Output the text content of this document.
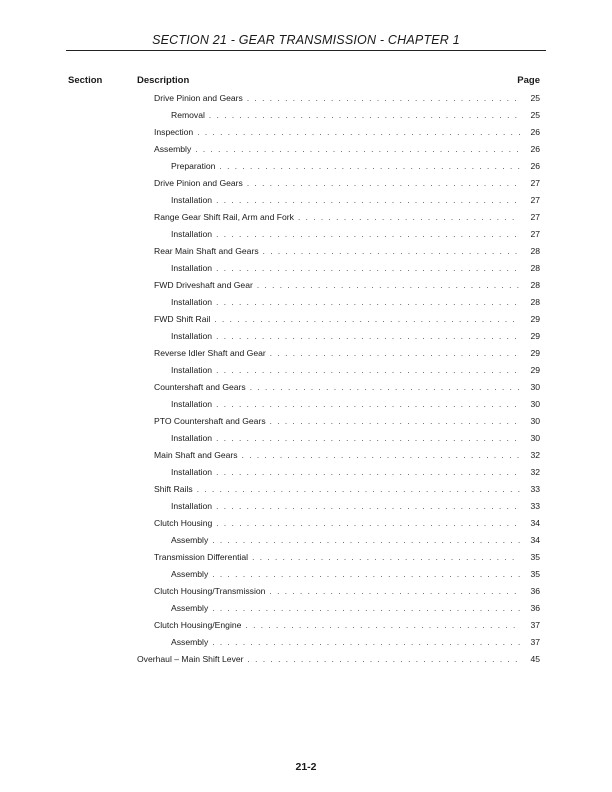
SECTION 21 - GEAR TRANSMISSION - CHAPTER 1
Section	Description	Page
Drive Pinion and Gears . . .	25
Removal . . .	25
Inspection . . .	26
Assembly . . .	26
Preparation . . .	26
Drive Pinion and Gears . . .	27
Installation . . .	27
Range Gear Shift Rail, Arm and Fork . . .	27
Installation . . .	27
Rear Main Shaft and Gears . . .	28
Installation . . .	28
FWD Driveshaft and Gear . . .	28
Installation . . .	28
FWD Shift Rail . . .	29
Installation . . .	29
Reverse Idler Shaft and Gear . . .	29
Installation . . .	29
Countershaft and Gears . . .	30
Installation . . .	30
PTO Countershaft and Gears . . .	30
Installation . . .	30
Main Shaft and Gears . . .	32
Installation . . .	32
Shift Rails . . .	33
Installation . . .	33
Clutch Housing . . .	34
Assembly . . .	34
Transmission Differential . . .	35
Assembly . . .	35
Clutch Housing/Transmission . . .	36
Assembly . . .	36
Clutch Housing/Engine . . .	37
Assembly . . .	37
Overhaul – Main Shift Lever . . .	45
21-2
